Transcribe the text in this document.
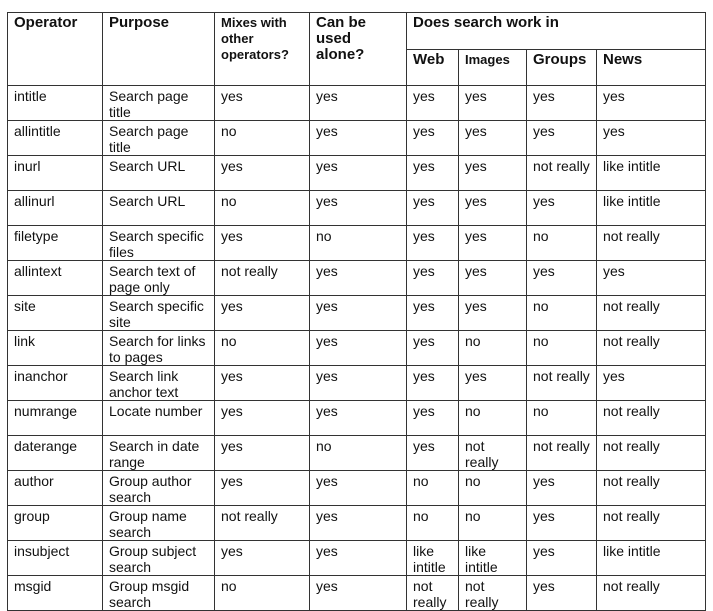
Operator	Purpose	Mixes with other operators?	Can be used alone?	Does search work in			
				Web	Images	Groups	News
intitle	Search page title	yes	yes	yes	yes	yes	yes
allintitle	Search page title	no	yes	yes	yes	yes	yes
inurl	Search URL	yes	yes	yes	yes	not really	like intitle
allinurl	Search URL	no	yes	yes	yes	yes	like intitle
filetype	Search specific files	yes	no	yes	yes	no	not really
allintext	Search text of page only	not really	yes	yes	yes	yes	yes
site	Search specific site	yes	yes	yes	yes	no	not really
link	Search for links to pages	no	yes	yes	no	no	not really
inanchor	Search link anchor text	yes	yes	yes	yes	not really	yes
numrange	Locate number	yes	yes	yes	no	no	not really
daterange	Search in date range	yes	no	yes	not really	not really	not really
author	Group author search	yes	yes	no	no	yes	not really
group	Group name search	not really	yes	no	no	yes	not really
insubject	Group subject search	yes	yes	like intitle	like intitle	yes	like intitle
msgid	Group msgid search	no	yes	not really	not really	yes	not really
